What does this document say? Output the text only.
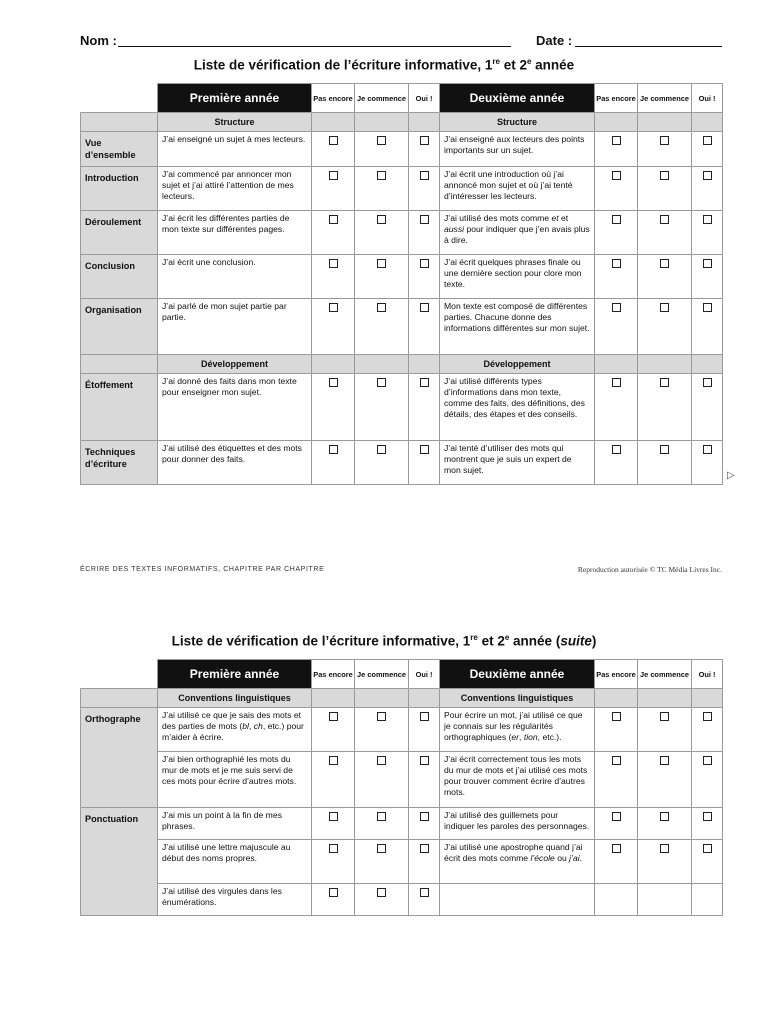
Nom :	Date :
Liste de vérification de l’écriture informative, 1re et 2e année
	Première année	Pas encore	Je commence	Oui !	Deuxième année	Pas encore	Je commence	Oui !
	Structure				Structure			
Vue d’ensemble	J’ai enseigné un sujet à mes lecteurs.				J’ai enseigné aux lecteurs des points importants sur un sujet.			
Introduction	J’ai commencé par annoncer mon sujet et j’ai attiré l’attention de mes lecteurs.				J’ai écrit une introduction où j’ai annoncé mon sujet et où j’ai tenté d’intéresser les lecteurs.			
Déroulement	J’ai écrit les différentes parties de mon texte sur différentes pages.				J’ai utilisé des mots comme et et aussi pour indiquer que j’en avais plus à dire.			
Conclusion	J’ai écrit une conclusion.				J’ai écrit quelques phrases finale ou une dernière section pour clore mon texte.			
Organisation	J’ai parlé de mon sujet partie par partie.				Mon texte est composé de différentes parties. Chacune donne des informations différentes sur mon sujet.			
	Développement				Développement			
Étoffement	J’ai donné des faits dans mon texte pour enseigner mon sujet.				J’ai utilisé différents types d’informations dans mon texte, comme des faits, des définitions, des détails, des étapes et des conseils.			
Techniques d’écriture	J’ai utilisé des étiquettes et des mots pour donner des faits.				J’ai tenté d’utiliser des mots qui montrent que je suis un expert de mon sujet.				▷
ÉCRIRE DES TEXTES INFORMATIFS, CHAPITRE PAR CHAPITRE	Reproduction autorisée © TC Média Livres Inc.
Liste de vérification de l’écriture informative, 1re et 2e année (suite)
	Première année	Pas encore	Je commence	Oui !	Deuxième année	Pas encore	Je commence	Oui !
	Conventions linguistiques				Conventions linguistiques			
Orthographe	J’ai utilisé ce que je sais des mots et des parties de mots (bl, ch, etc.) pour m’aider à écrire.				Pour écrire un mot, j’ai utilisé ce que je connais sur les régularités orthographiques (er, tion, etc.).			
	J’ai bien orthographié les mots du mur de mots et je me suis servi de ces mots pour écrire d’autres mots.				J’ai écrit correctement tous les mots du mur de mots et j’ai utilisé ces mots pour trouver comment écrire d’autres mots.			
Ponctuation	J’ai mis un point à la fin de mes phrases.				J’ai utilisé des guillemets pour indiquer les paroles des personnages.			
	J’ai utilisé une lettre majuscule au début des noms propres.				J’ai utilisé une apostrophe quand j’ai écrit des mots comme l’école ou j’ai.			
	J’ai utilisé des virgules dans les énumérations.							
